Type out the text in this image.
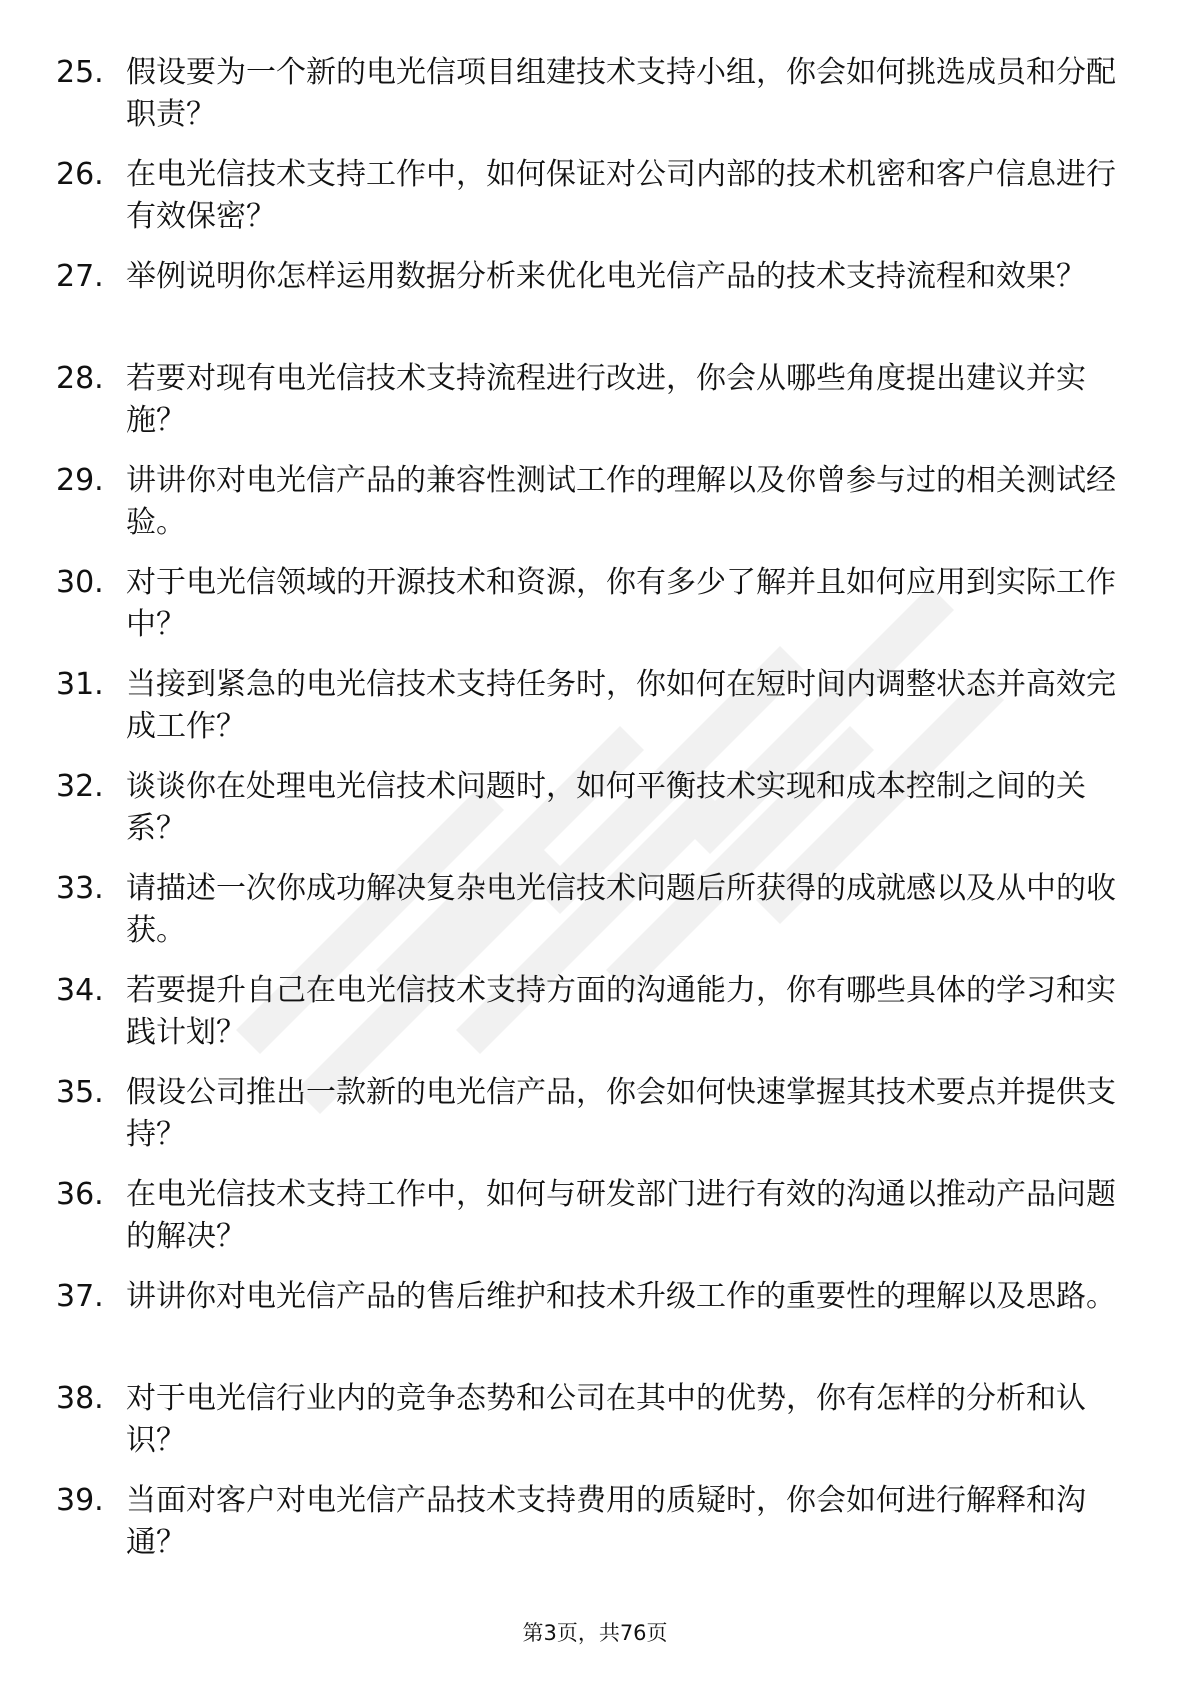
25. 假设要为一个新的电光信项目组建技术支持小组，你会如何挑选成员和分配职责？
26. 在电光信技术支持工作中，如何保证对公司内部的技术机密和客户信息进行有效保密？
27. 举例说明你怎样运用数据分析来优化电光信产品的技术支持流程和效果？
28. 若要对现有电光信技术支持流程进行改进，你会从哪些角度提出建议并实施？
29. 讲讲你对电光信产品的兼容性测试工作的理解以及你曾参与过的相关测试经验。
30. 对于电光信领域的开源技术和资源，你有多少了解并且如何应用到实际工作中？
31. 当接到紧急的电光信技术支持任务时，你如何在短时间内调整状态并高效完成工作？
32. 谈谈你在处理电光信技术问题时，如何平衡技术实现和成本控制之间的关系？
33. 请描述一次你成功解决复杂电光信技术问题后所获得的成就感以及从中的收获。
34. 若要提升自己在电光信技术支持方面的沟通能力，你有哪些具体的学习和实践计划？
35. 假设公司推出一款新的电光信产品，你会如何快速掌握其技术要点并提供支持？
36. 在电光信技术支持工作中，如何与研发部门进行有效的沟通以推动产品问题的解决？
37. 讲讲你对电光信产品的售后维护和技术升级工作的重要性的理解以及思路。
38. 对于电光信行业内的竞争态势和公司在其中的优势，你有怎样的分析和认识？
39. 当面对客户对电光信产品技术支持费用的质疑时，你会如何进行解释和沟通？
第3页，共76页
